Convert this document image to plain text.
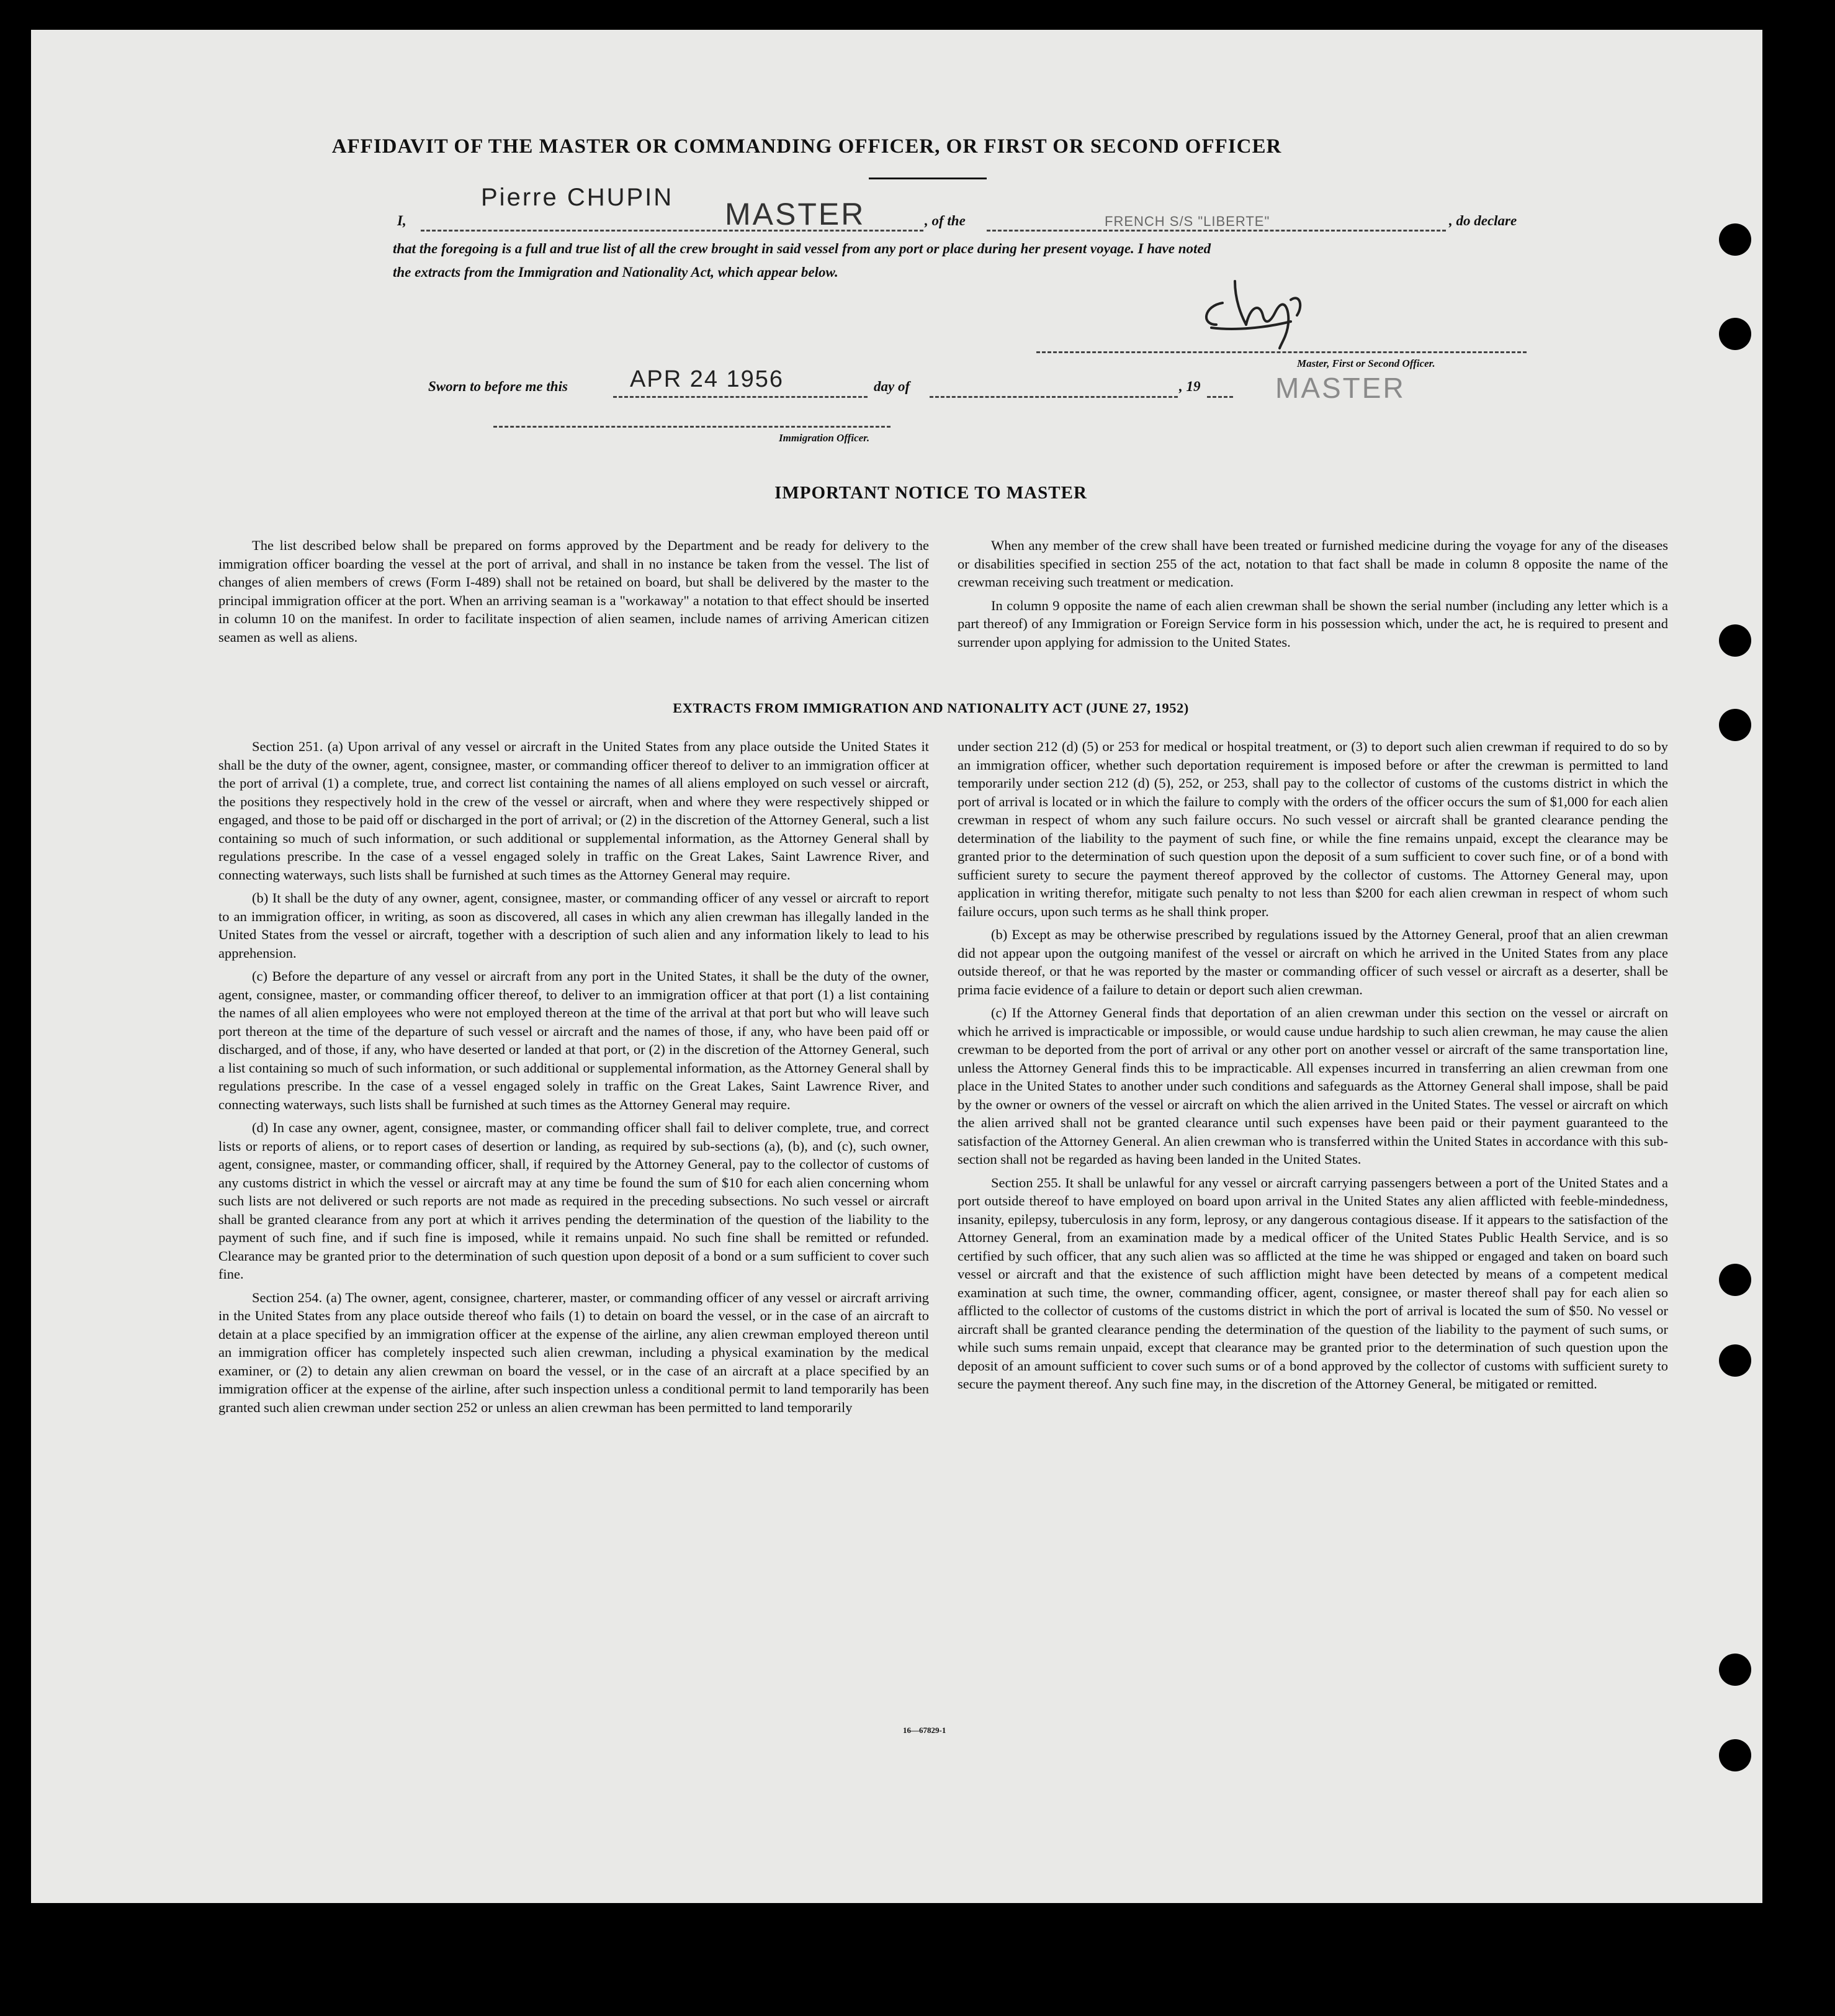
AFFIDAVIT OF THE MASTER OR COMMANDING OFFICER, OR FIRST OR SECOND OFFICER
I,
Pierre CHUPIN MASTER	, of the	FRENCH S/S "LIBERTE"	, do declare
that the foregoing is a full and true list of all the crew brought in said vessel from any port or place during her present voyage. I have noted
the extracts from the Immigration and Nationality Act, which appear below.
Master, First or Second Officer.
MASTER
Sworn to before me this	APR 24 1956	day of	, 19
Immigration Officer.
IMPORTANT NOTICE TO MASTER

The list described below shall be prepared on forms approved by the Department and be ready for delivery to the immigration officer boarding the vessel at the port of arrival, and shall in no instance be taken from the vessel. The list of changes of alien members of crews (Form I-489) shall not be retained on board, but shall be delivered by the master to the principal immigration officer at the port. When an arriving seaman is a "workaway" a notation to that effect should be inserted in column 10 on the manifest. In order to facilitate inspection of alien seamen, include names of arriving American citizen seamen as well as aliens.

When any member of the crew shall have been treated or furnished medicine during the voyage for any of the diseases or disabilities specified in section 255 of the act, notation to that fact shall be made in column 8 opposite the name of the crewman receiving such treatment or medication.

In column 9 opposite the name of each alien crewman shall be shown the serial number (including any letter which is a part thereof) of any Immigration or Foreign Service form in his possession which, under the act, he is required to present and surrender upon applying for admission to the United States.

EXTRACTS FROM IMMIGRATION AND NATIONALITY ACT (JUNE 27, 1952)

Section 251. (a) Upon arrival of any vessel or aircraft in the United States from any place outside the United States it shall be the duty of the owner, agent, consignee, master, or commanding officer thereof to deliver to an immigration officer at the port of arrival (1) a complete, true, and correct list containing the names of all aliens employed on such vessel or aircraft, the positions they respectively hold in the crew of the vessel or aircraft, when and where they were respectively shipped or engaged, and those to be paid off or discharged in the port of arrival; or (2) in the discretion of the Attorney General, such a list containing so much of such information, or such additional or supplemental information, as the Attorney General shall by regulations prescribe. In the case of a vessel engaged solely in traffic on the Great Lakes, Saint Lawrence River, and connecting waterways, such lists shall be furnished at such times as the Attorney General may require.

(b) It shall be the duty of any owner, agent, consignee, master, or commanding officer of any vessel or aircraft to report to an immigration officer, in writing, as soon as discovered, all cases in which any alien crewman has illegally landed in the United States from the vessel or aircraft, together with a description of such alien and any information likely to lead to his apprehension.

(c) Before the departure of any vessel or aircraft from any port in the United States, it shall be the duty of the owner, agent, consignee, master, or commanding officer thereof, to deliver to an immigration officer at that port (1) a list containing the names of all alien employees who were not employed thereon at the time of the arrival at that port but who will leave such port thereon at the time of the departure of such vessel or aircraft and the names of those, if any, who have been paid off or discharged, and of those, if any, who have deserted or landed at that port, or (2) in the discretion of the Attorney General, such a list containing so much of such information, or such additional or supplemental information, as the Attorney General shall by regulations prescribe. In the case of a vessel engaged solely in traffic on the Great Lakes, Saint Lawrence River, and connecting waterways, such lists shall be furnished at such times as the Attorney General may require.

(d) In case any owner, agent, consignee, master, or commanding officer shall fail to deliver complete, true, and correct lists or reports of aliens, or to report cases of desertion or landing, as required by sub-sections (a), (b), and (c), such owner, agent, consignee, master, or commanding officer, shall, if required by the Attorney General, pay to the collector of customs of any customs district in which the vessel or aircraft may at any time be found the sum of $10 for each alien concerning whom such lists are not delivered or such reports are not made as required in the preceding subsections. No such vessel or aircraft shall be granted clearance from any port at which it arrives pending the determination of the question of the liability to the payment of such fine, and if such fine is imposed, while it remains unpaid. No such fine shall be remitted or refunded. Clearance may be granted prior to the determination of such question upon deposit of a bond or a sum sufficient to cover such fine.

Section 254. (a) The owner, agent, consignee, charterer, master, or commanding officer of any vessel or aircraft arriving in the United States from any place outside thereof who fails (1) to detain on board the vessel, or in the case of an aircraft to detain at a place specified by an immigration officer at the expense of the airline, any alien crewman employed thereon until an immigration officer has completely inspected such alien crewman, including a physical examination by the medical examiner, or (2) to detain any alien crewman on board the vessel, or in the case of an aircraft at a place specified by an immigration officer at the expense of the airline, after such inspection unless a conditional permit to land temporarily has been granted such alien crewman under section 252 or unless an alien crewman has been permitted to land temporarily

under section 212 (d) (5) or 253 for medical or hospital treatment, or (3) to deport such alien crewman if required to do so by an immigration officer, whether such deportation requirement is imposed before or after the crewman is permitted to land temporarily under section 212 (d) (5), 252, or 253, shall pay to the collector of customs of the customs district in which the port of arrival is located or in which the failure to comply with the orders of the officer occurs the sum of $1,000 for each alien crewman in respect of whom any such failure occurs. No such vessel or aircraft shall be granted clearance pending the determination of the liability to the payment of such fine, or while the fine remains unpaid, except the clearance may be granted prior to the determination of such question upon the deposit of a sum sufficient to cover such fine, or of a bond with sufficient surety to secure the payment thereof approved by the collector of customs. The Attorney General may, upon application in writing therefor, mitigate such penalty to not less than $200 for each alien crewman in respect of whom such failure occurs, upon such terms as he shall think proper.

(b) Except as may be otherwise prescribed by regulations issued by the Attorney General, proof that an alien crewman did not appear upon the outgoing manifest of the vessel or aircraft on which he arrived in the United States from any place outside thereof, or that he was reported by the master or commanding officer of such vessel or aircraft as a deserter, shall be prima facie evidence of a failure to detain or deport such alien crewman.

(c) If the Attorney General finds that deportation of an alien crewman under this section on the vessel or aircraft on which he arrived is impracticable or impossible, or would cause undue hardship to such alien crewman, he may cause the alien crewman to be deported from the port of arrival or any other port on another vessel or aircraft of the same transportation line, unless the Attorney General finds this to be impracticable. All expenses incurred in transferring an alien crewman from one place in the United States to another under such conditions and safeguards as the Attorney General shall impose, shall be paid by the owner or owners of the vessel or aircraft on which the alien arrived in the United States. The vessel or aircraft on which the alien arrived shall not be granted clearance until such expenses have been paid or their payment guaranteed to the satisfaction of the Attorney General. An alien crewman who is transferred within the United States in accordance with this sub-section shall not be regarded as having been landed in the United States.

Section 255. It shall be unlawful for any vessel or aircraft carrying passengers between a port of the United States and a port outside thereof to have employed on board upon arrival in the United States any alien afflicted with feeble-mindedness, insanity, epilepsy, tuberculosis in any form, leprosy, or any dangerous contagious disease. If it appears to the satisfaction of the Attorney General, from an examination made by a medical officer of the United States Public Health Service, and is so certified by such officer, that any such alien was so afflicted at the time he was shipped or engaged and taken on board such vessel or aircraft and that the existence of such affliction might have been detected by means of a competent medical examination at such time, the owner, commanding officer, agent, consignee, or master thereof shall pay for each alien so afflicted to the collector of customs of the customs district in which the port of arrival is located the sum of $50. No vessel or aircraft shall be granted clearance pending the determination of the question of the liability to the payment of such sums, or while such sums remain unpaid, except that clearance may be granted prior to the determination of such question upon the deposit of an amount sufficient to cover such sums or of a bond approved by the collector of customs with sufficient surety to secure the payment thereof. Any such fine may, in the discretion of the Attorney General, be mitigated or remitted.

16—67829-1
